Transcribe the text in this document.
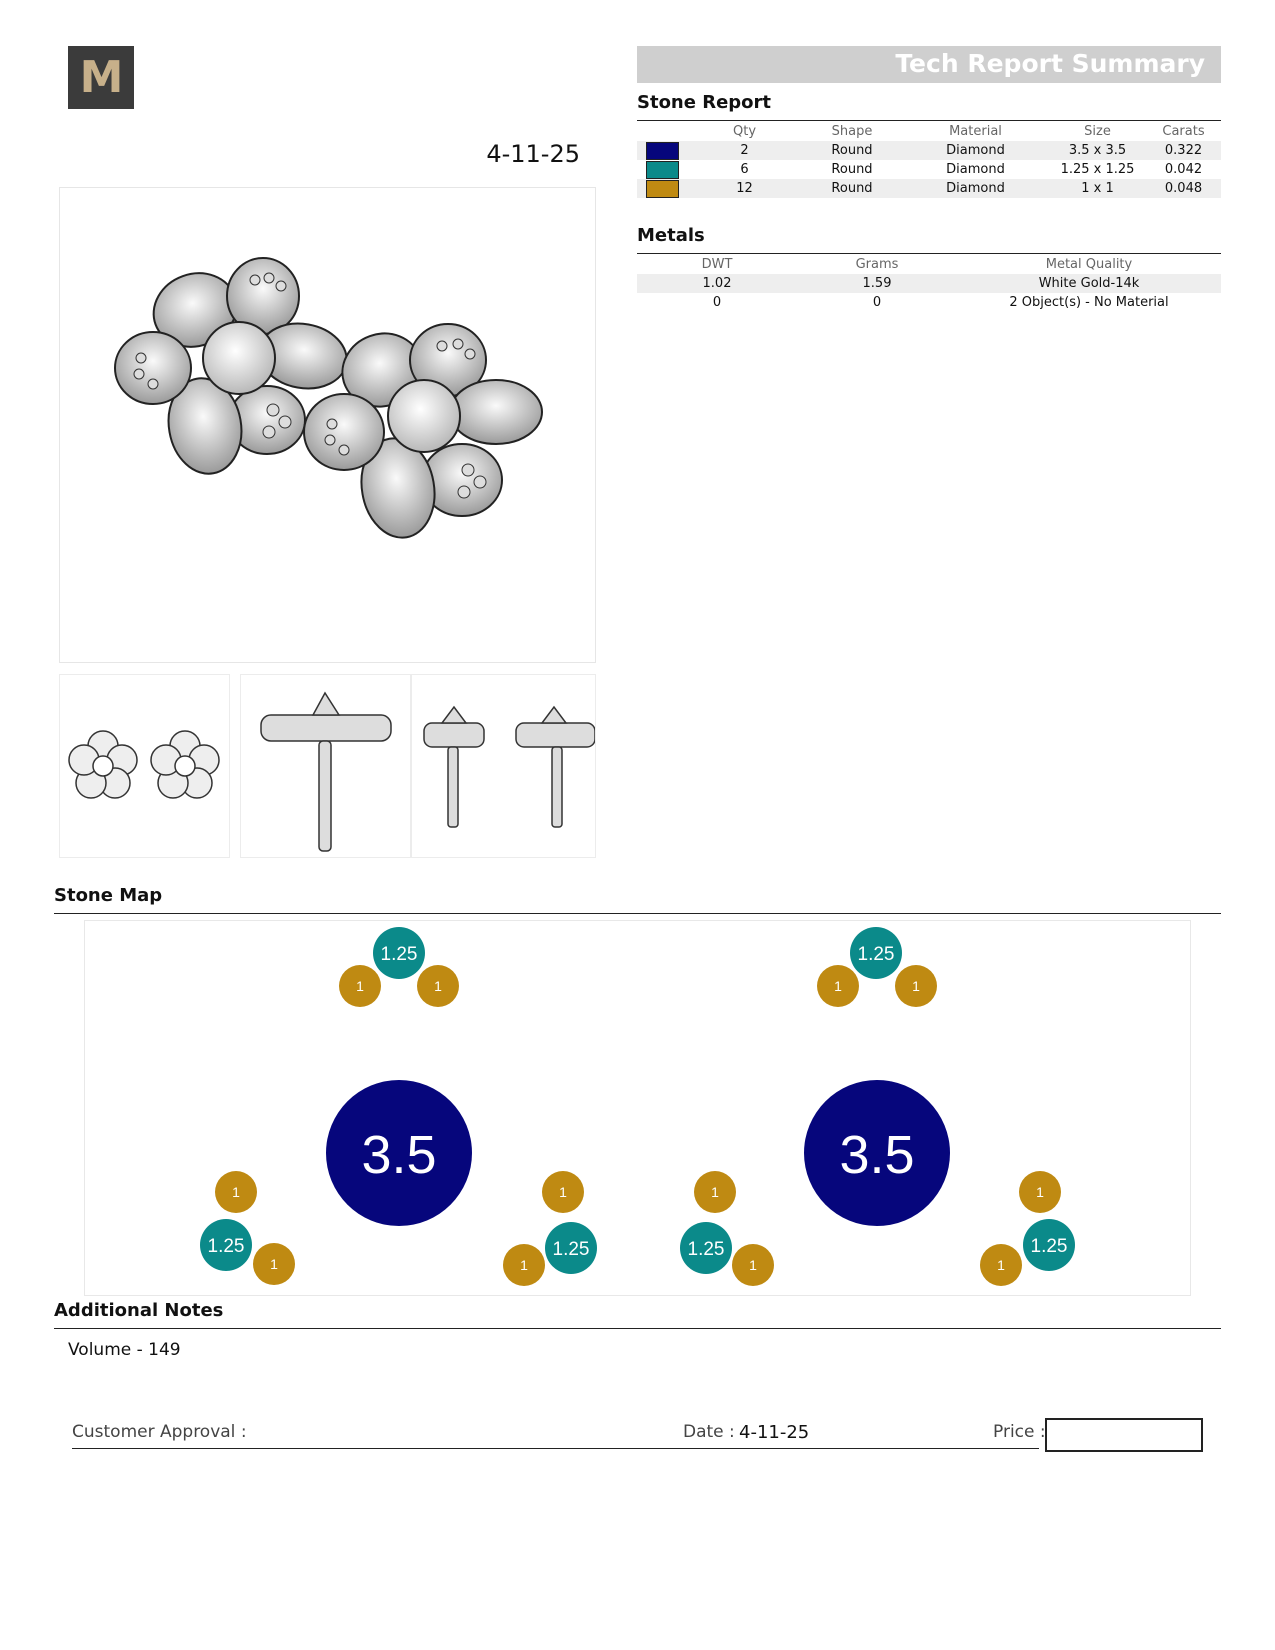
M
4-11-25
Tech Report Summary
Stone Report
	Qty	Shape	Material	Size	Carats
	2	Round	Diamond	3.5 x 3.5	0.322
	6	Round	Diamond	1.25 x 1.25	0.042
	12	Round	Diamond	1 x 1	0.048
Metals
DWT	Grams	Metal Quality
1.02	1.59	White Gold-14k
0	0	2 Object(s) - No Material
Stone Map
3.5
1.25
1	1
1
1.25
1
1
1.25
1
3.5
1.25
1	1
1
1.25
1
1
1.25
1
Additional Notes
Volume - 149
Customer Approval :	Date : 4-11-25	Price :
